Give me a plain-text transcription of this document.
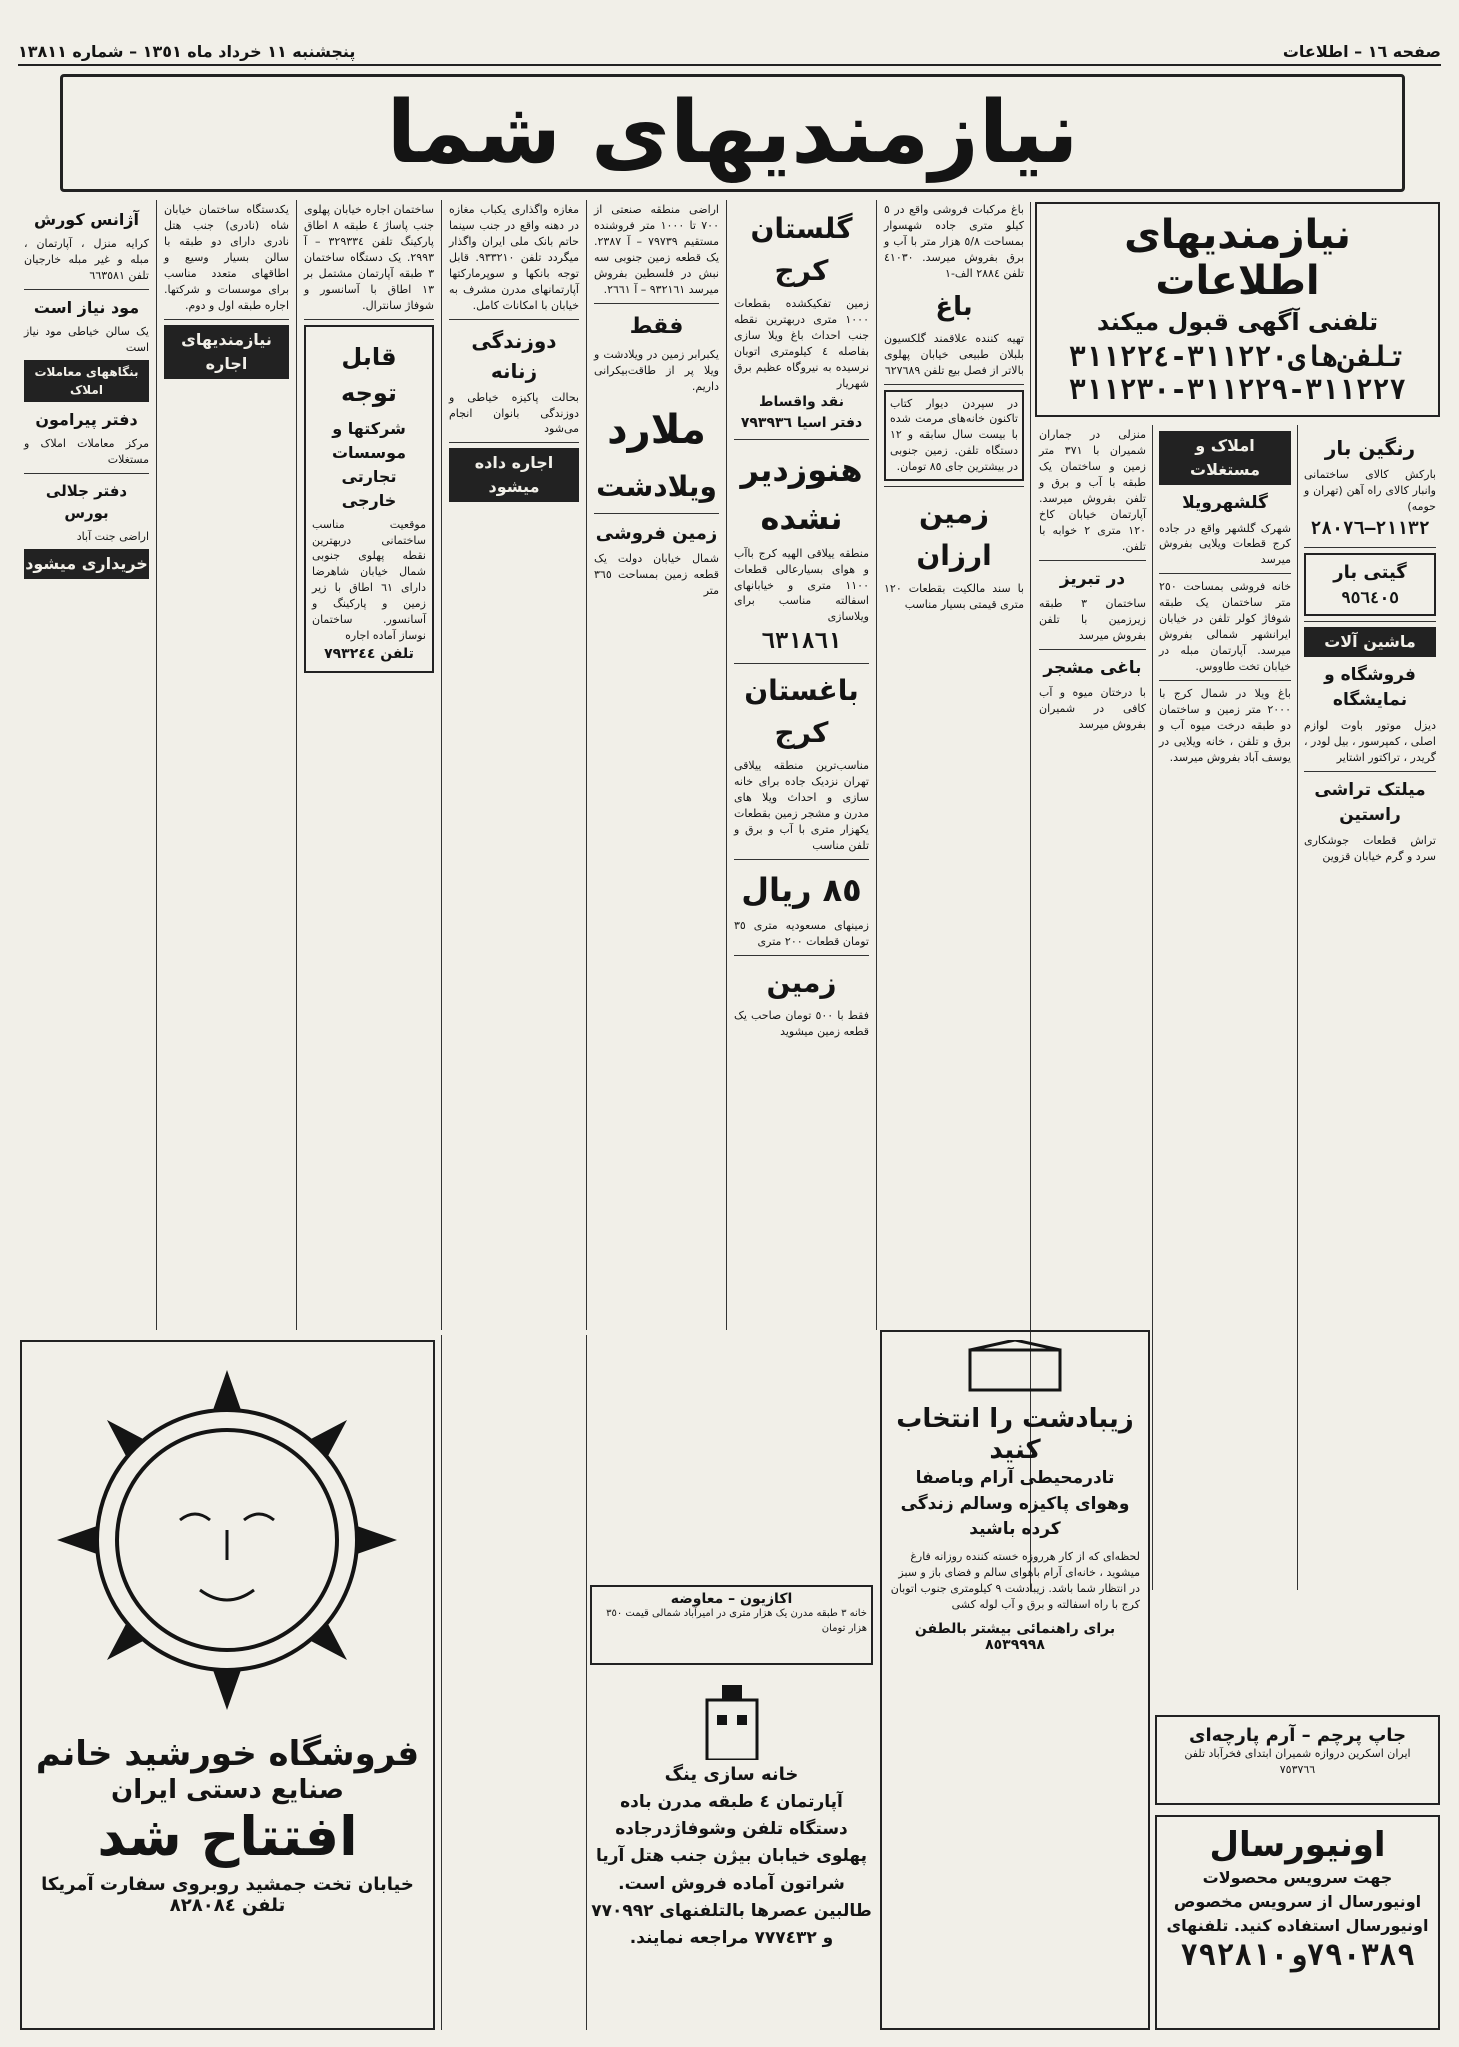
صفحه ١٦ – اطلاعات
پنجشنبه ١١ خرداد ماه ١٣٥١ – شماره ١٣٨١١
نیازمندیهای شما
نیازمندیهای اطلاعات
تلفنی آگهی قبول میکند
تلفن‌های٣١١٢٢٠-٣١١٢٢٤
٣١١٢٢٧-٣١١٢٢٩-٣١١٢٣٠
رنگین بار
بارکش کالای ساختمانی وانبار کالای راه آهن (تهران و حومه)
٢١١٣٢–٢٨٠٧٦
گیتی بار
٩٥٦٤٠٥
ماشین آلات
فروشگاه و نمایشگاه
دیزل موتور باوت لوازم اصلی ، کمپرسور ، بیل لودر ، گریدر ، تراکتور اشتایر
میلتک تراشی راستین
تراش قطعات جوشکاری سرد و گرم خیابان قزوین
املاک و مستغلات
گلشهرویلا
شهرک گلشهر واقع در جاده کرج قطعات ویلایی بفروش میرسد
خانه فروشی بمساحت ٢٥٠ متر ساختمان یک طبقه شوفاژ کولر تلفن در خیابان ایرانشهر شمالی بفروش میرسد. آپارتمان مبله در خیابان تخت طاووس.
باغ ویلا در شمال کرج با ٢٠٠٠ متر زمین و ساختمان دو طبقه درخت میوه آب و برق و تلفن ، خانه ویلایی در یوسف آباد بفروش میرسد.
منزلی در جماران شمیران با ٣٧١ متر زمین و ساختمان یک طبقه با آب و برق و تلفن بفروش میرسد. آپارتمان خیابان کاخ ١٢٠ متری ٢ خوابه با تلفن.
در تبریز
ساختمان ٣ طبقه زیرزمین با تلفن بفروش میرسد
باغی مشجر
با درختان میوه و آب کافی در شمیران بفروش میرسد
باغ مرکبات فروشی واقع در ٥ کیلو متری جاده شهسوار بمساحت ٥/٨ هزار متر با آب و برق بفروش میرسد. ٤١٠٣٠ تلفن ٢٨٨٤ الف-١
باغ
تهیه کننده علاقمند گلکسیون بلبلان طبیعی خیابان پهلوی بالاتر از فصل بیع تلفن ٦٢٧٦٨٩
در سپردن دیوار کتاب تاکنون خانه‌های مرمت شده با بیست سال سابقه و ١٢ دستگاه تلفن. زمین جنوبی در بیشترین جای ٨٥ تومان.
زمین ارزان
با سند مالکیت بقطعات ١٢٠ متری قیمتی بسیار مناسب
گلستان کرج
زمین تفکیکشده بقطعات ١٠٠٠ متری دربهترین نقطه جنب احداث باغ ویلا سازی بفاصله ٤ کیلومتری اتوبان نرسیده به نیروگاه عظیم برق شهریار
نقد واقساط
دفتر اسیا ٧٩٣٩٣٦
هنوزدیر نشده
منطقه ییلاقی الهیه کرج باآب و هوای بسیارعالی قطعات ١١٠٠ متری و خیابانهای اسفالته مناسب برای ویلاسازی
٦٣١٨٦١
باغستان کرج
مناسب‌ترین منطقه ییلاقی تهران نزدیک جاده برای خانه سازی و احداث ویلا های مدرن و مشجر زمین بقطعات یکهزار متری با آب و برق و تلفن مناسب
٨٥ ریال
زمینهای مسعودیه متری ٣٥ تومان قطعات ٢٠٠ متری
زمین
فقط با ٥٠٠ تومان صاحب یک قطعه زمین میشوید
اراضی منطقه صنعتی از ٧٠٠ تا ١٠٠٠ متر فروشنده مستقیم ٧٩٧٣٩ – آ ٢٣٨٧. یک قطعه زمین جنوبی سه نبش در فلسطین بفروش میرسد ٩٣٢١٦١ – آ ٢٦٦١.
فقط
یکبرابر زمین در ویلادشت و ویلا پر از طاقت‌بیکرانی داریم.
ملارد
ویلادشت
زمین فروشی
شمال خیابان دولت یک قطعه زمین بمساحت ٣٦٥ متر
مغازه واگذاری یکباب مغازه در دهنه واقع در جنب سینما حاتم بانک ملی ایران واگذار میگردد تلفن ٩٣٣٢١٠. قابل توجه بانکها و سوپرمارکتها آپارتمانهای مدرن مشرف به خیابان با امکانات کامل.
دوزندگی زنانه
بحالت پاکیزه خیاطی و دوزندگی بانوان انجام می‌شود
اجاره داده میشود
ساختمان اجاره خیابان پهلوی جنب پاساژ ٤ طبقه ٨ اطاق پارکینگ تلفن ٣٢٩٣٣٤ – آ ٢٩٩٣. یک دستگاه ساختمان ٣ طبقه آپارتمان مشتمل بر ١٣ اطاق با آسانسور و شوفاژ سانترال.
قابل توجه
شرکتها و موسسات تجارتی خارجی
موقعیت مناسب ساختمانی دربهترین نقطه پهلوی جنوبی شمال خیابان شاهرضا دارای ٦١ اطاق با زیر زمین و پارکینگ و آسانسور. ساختمان نوساز آماده اجاره
تلفن ٧٩٣٢٤٤
یکدستگاه ساختمان خیابان شاه (نادری) جنب هتل نادری دارای دو طبقه با سالن بسیار وسیع و اطاقهای متعدد مناسب برای موسسات و شرکتها. اجاره طبقه اول و دوم.
نیازمندیهای اجاره
آژانس کورش
کرایه منزل ، آپارتمان ، مبله و غیر مبله خارجیان تلفن ٦٦٣٥٨١
مود نیاز است
یک سالن خیاطی مود نیاز است
بنگاههای معاملات املاک
دفتر پیرامون
مرکز معاملات املاک و مستغلات
دفتر جلالی بورس
اراضی جنت آباد
خریداری میشود
فروشگاه خورشید خانم
صنایع دستی ایران
افتتاح شد
خیابان تخت جمشید روبروی سفارت آمریکا
تلفن ٨٢٨٠٨٤
اکازیون – معاوضه
خانه ٣ طبقه مدرن یک هزار متری در امیرآباد شمالی قیمت ٣٥٠ هزار تومان
خانه سازی ینگ
آپارتمان ٤ طبقه مدرن باده دستگاه تلفن وشوفاژدرجاده پهلوی خیابان بیژن جنب هتل آریا شراتون آماده فروش است. طالبین عصرها بالتلفنهای ٧٧٠٩٩٢ و ٧٧٧٤٣٢ مراجعه نمایند.
زیبادشت را انتخاب کنید
تادرمحیطی آرام وباصفا وهوای پاکیزه وسالم زندگی کرده باشید
لحظه‌ای که از کار هرروزه خسته کننده روزانه فارغ میشوید ، خانه‌ای آرام باهوای سالم و فضای باز و سبز در انتظار شما باشد. زیبادشت ٩ کیلومتری جنوب اتوبان کرج با راه اسفالته و برق و آب لوله کشی
برای راهنمائی بیشتر بالطفن ٨٥٣٩٩٩٨
جاپ پرچم – آرم پارچه‌ای
ایران اسکرین دروازه شمیران ابتدای فخرآباد تلفن ٧٥٣٧٦٦
اونیورسال
جهت سرویس محصولات اونیورسال از سرویس مخصوص اونیورسال استفاده کنید. تلفنهای
٧٩٠٣٨٩و٧٩٢٨١٠
